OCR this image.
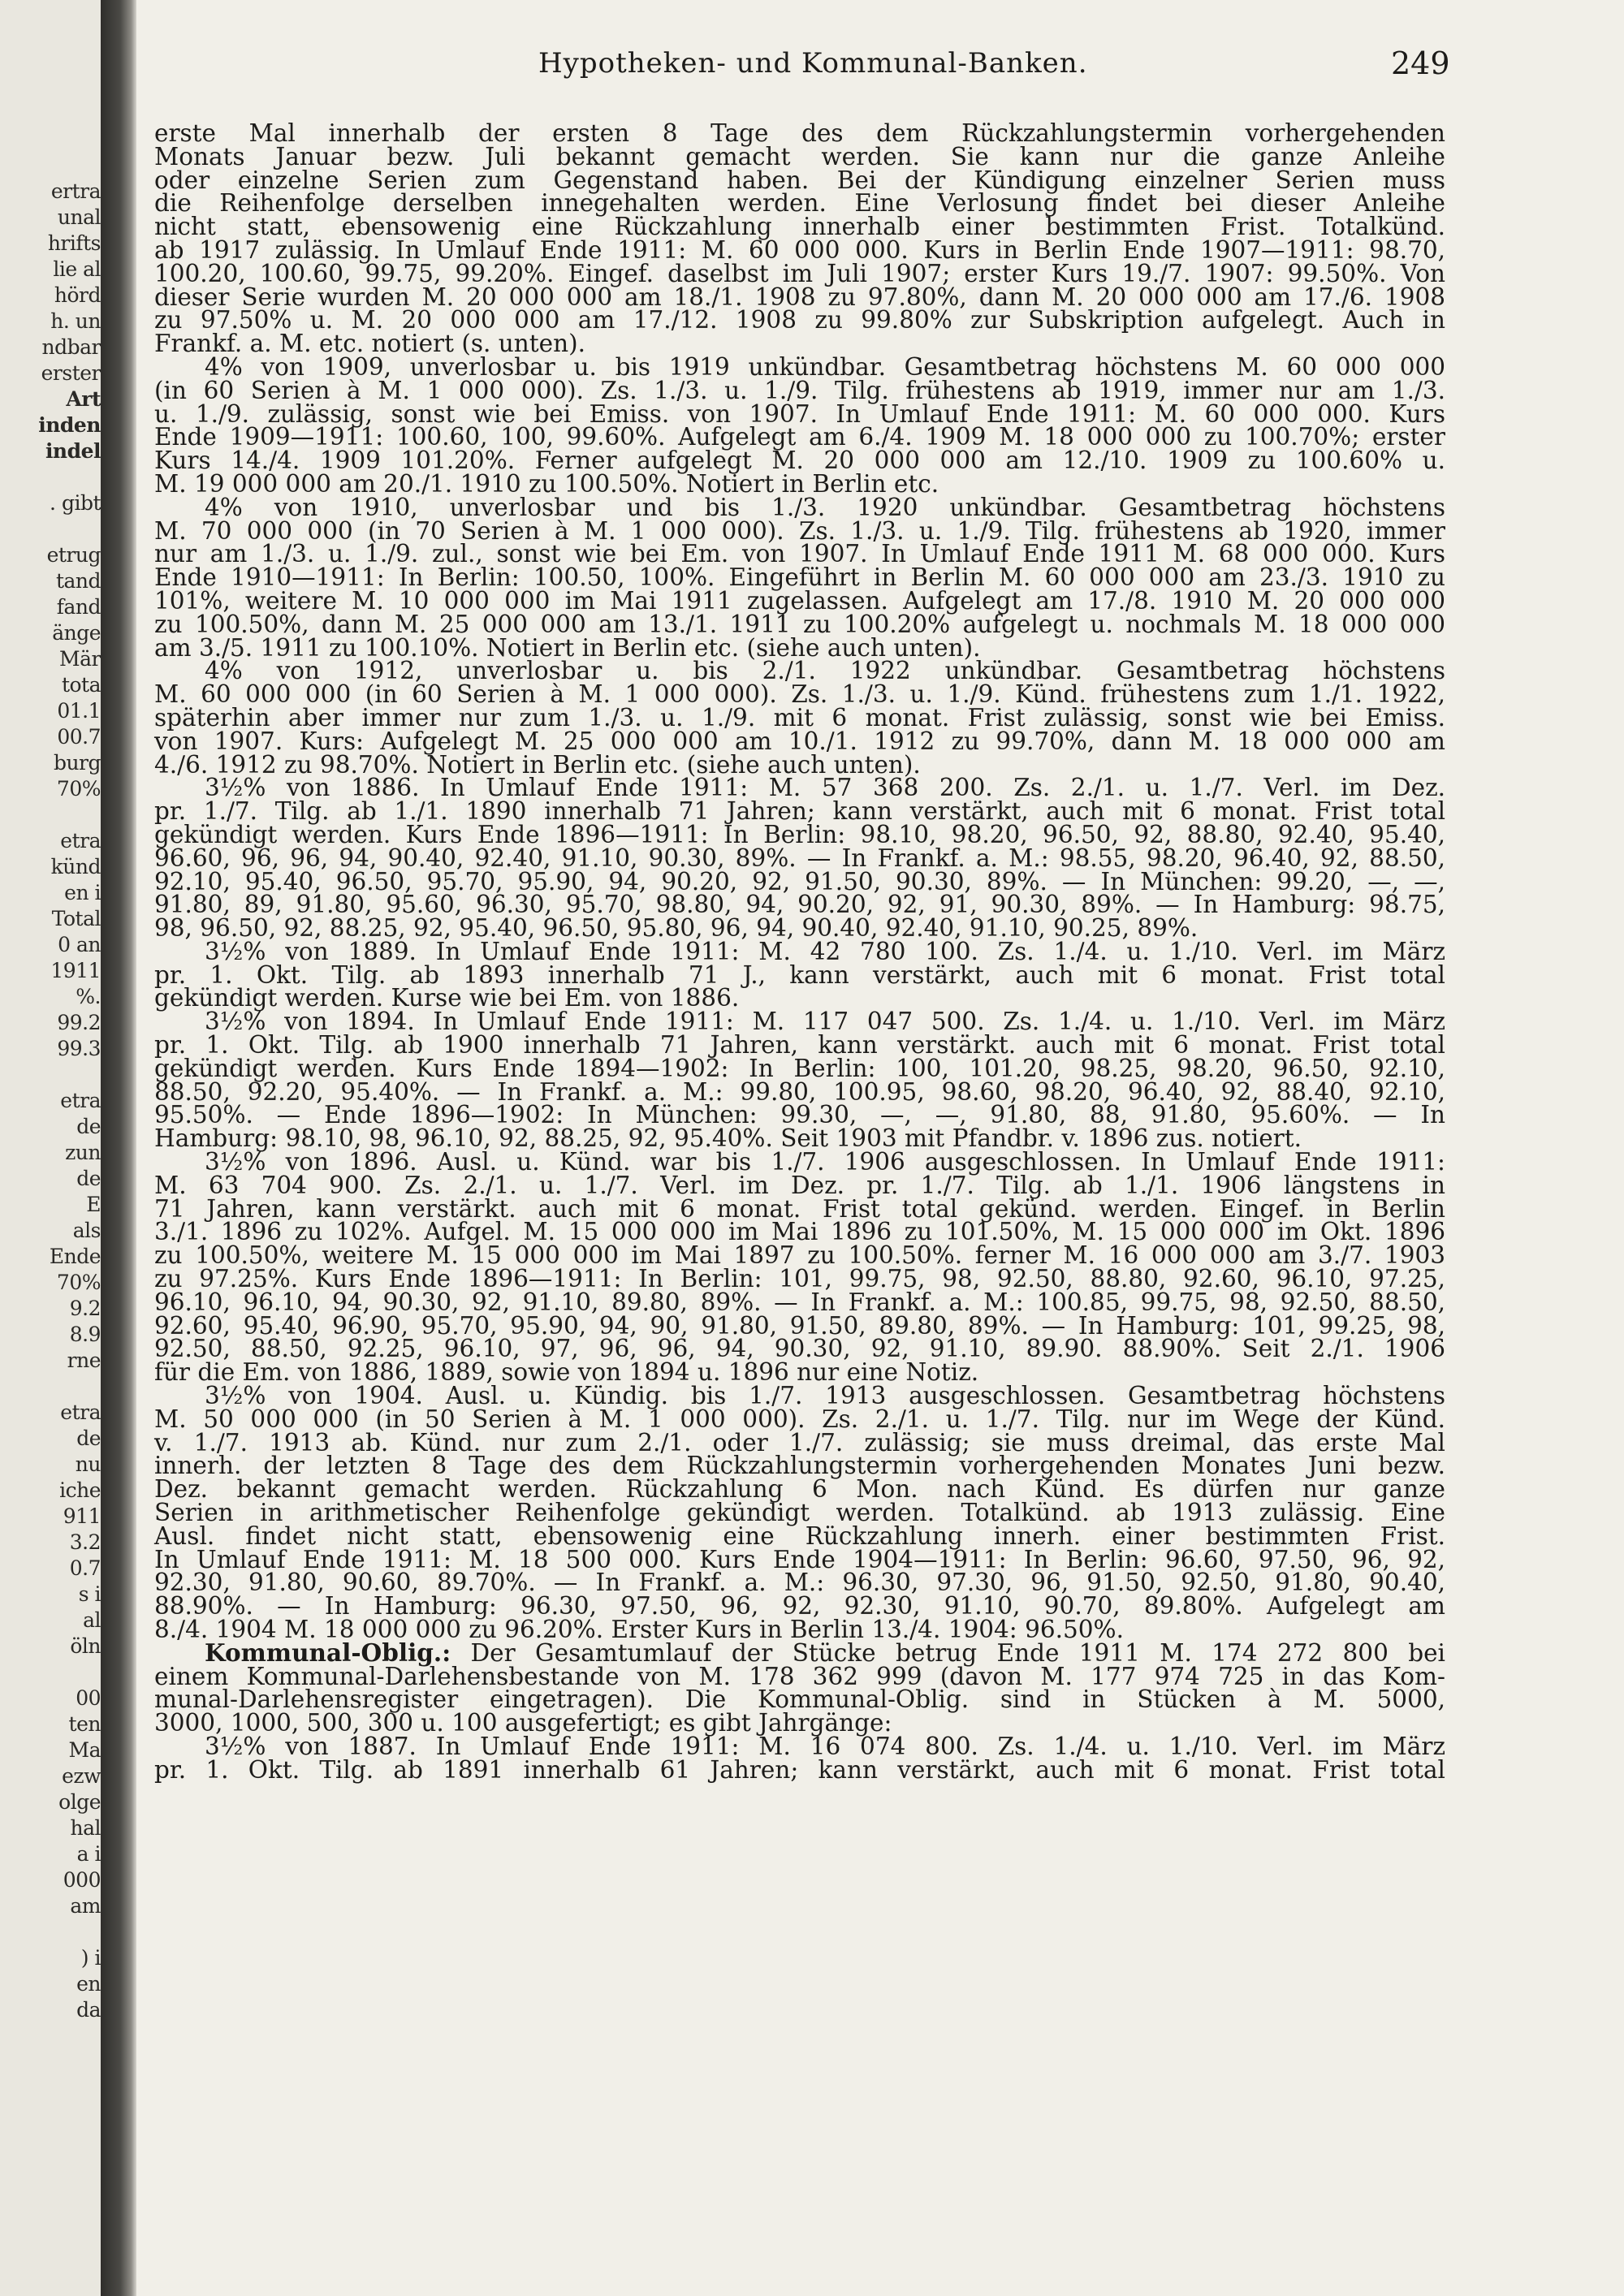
ertra
unal
hrifts
lie al
hörd
h. un
ndbar
erster
Art
inden
indel
. gibt
etrug
tand
fand
änge
Mär
tota
01.1
00.7
burg
70%
etra
künd
en i
Total
0 an
1911
%.
99.2
99.3
etra
de
zun
de
E
als
Ende
70%
9.2
8.9
rne
etra
de
nu
iche
911
3.2
0.7
s i
al
öln
00
ten
Ma
ezw
olge
hal
a i
000
am
) i
en
da
Hypotheken- und Kommunal-Banken.	249
erste Mal innerhalb der ersten 8 Tage des dem Rückzahlungstermin vorhergehenden
Monats Januar bezw. Juli bekannt gemacht werden. Sie kann nur die ganze Anleihe
oder einzelne Serien zum Gegenstand haben. Bei der Kündigung einzelner Serien muss
die Reihenfolge derselben innegehalten werden. Eine Verlosung findet bei dieser Anleihe
nicht statt, ebensowenig eine Rückzahlung innerhalb einer bestimmten Frist. Totalkünd.
ab 1917 zulässig. In Umlauf Ende 1911: M. 60 000 000. Kurs in Berlin Ende 1907—1911: 98.70,
100.20, 100.60, 99.75, 99.20%. Eingef. daselbst im Juli 1907; erster Kurs 19./7. 1907: 99.50%. Von
dieser Serie wurden M. 20 000 000 am 18./1. 1908 zu 97.80%, dann M. 20 000 000 am 17./6. 1908
zu 97.50% u. M. 20 000 000 am 17./12. 1908 zu 99.80% zur Subskription aufgelegt. Auch in
Frankf. a. M. etc. notiert (s. unten).
4% von 1909, unverlosbar u. bis 1919 unkündbar. Gesamtbetrag höchstens M. 60 000 000
(in 60 Serien à M. 1 000 000). Zs. 1./3. u. 1./9. Tilg. frühestens ab 1919, immer nur am 1./3.
u. 1./9. zulässig, sonst wie bei Emiss. von 1907. In Umlauf Ende 1911: M. 60 000 000. Kurs
Ende 1909—1911: 100.60, 100, 99.60%. Aufgelegt am 6./4. 1909 M. 18 000 000 zu 100.70%; erster
Kurs 14./4. 1909 101.20%. Ferner aufgelegt M. 20 000 000 am 12./10. 1909 zu 100.60% u.
M. 19 000 000 am 20./1. 1910 zu 100.50%. Notiert in Berlin etc.
4% von 1910, unverlosbar und bis 1./3. 1920 unkündbar. Gesamtbetrag höchstens
M. 70 000 000 (in 70 Serien à M. 1 000 000). Zs. 1./3. u. 1./9. Tilg. frühestens ab 1920, immer
nur am 1./3. u. 1./9. zul., sonst wie bei Em. von 1907. In Umlauf Ende 1911 M. 68 000 000. Kurs
Ende 1910—1911: In Berlin: 100.50, 100%. Eingeführt in Berlin M. 60 000 000 am 23./3. 1910 zu
101%, weitere M. 10 000 000 im Mai 1911 zugelassen. Aufgelegt am 17./8. 1910 M. 20 000 000
zu 100.50%, dann M. 25 000 000 am 13./1. 1911 zu 100.20% aufgelegt u. nochmals M. 18 000 000
am 3./5. 1911 zu 100.10%. Notiert in Berlin etc. (siehe auch unten).
4% von 1912, unverlosbar u. bis 2./1. 1922 unkündbar. Gesamtbetrag höchstens
M. 60 000 000 (in 60 Serien à M. 1 000 000). Zs. 1./3. u. 1./9. Künd. frühestens zum 1./1. 1922,
späterhin aber immer nur zum 1./3. u. 1./9. mit 6 monat. Frist zulässig, sonst wie bei Emiss.
von 1907. Kurs: Aufgelegt M. 25 000 000 am 10./1. 1912 zu 99.70%, dann M. 18 000 000 am
4./6. 1912 zu 98.70%. Notiert in Berlin etc. (siehe auch unten).
3½% von 1886. In Umlauf Ende 1911: M. 57 368 200. Zs. 2./1. u. 1./7. Verl. im Dez.
pr. 1./7. Tilg. ab 1./1. 1890 innerhalb 71 Jahren; kann verstärkt, auch mit 6 monat. Frist total
gekündigt werden. Kurs Ende 1896—1911: In Berlin: 98.10, 98.20, 96.50, 92, 88.80, 92.40, 95.40,
96.60, 96, 96, 94, 90.40, 92.40, 91.10, 90.30, 89%. — In Frankf. a. M.: 98.55, 98.20, 96.40, 92, 88.50,
92.10, 95.40, 96.50, 95.70, 95.90, 94, 90.20, 92, 91.50, 90.30, 89%. — In München: 99.20, —, —,
91.80, 89, 91.80, 95.60, 96.30, 95.70, 98.80, 94, 90.20, 92, 91, 90.30, 89%. — In Hamburg: 98.75,
98, 96.50, 92, 88.25, 92, 95.40, 96.50, 95.80, 96, 94, 90.40, 92.40, 91.10, 90.25, 89%.
3½% von 1889. In Umlauf Ende 1911: M. 42 780 100. Zs. 1./4. u. 1./10. Verl. im März
pr. 1. Okt. Tilg. ab 1893 innerhalb 71 J., kann verstärkt, auch mit 6 monat. Frist total
gekündigt werden. Kurse wie bei Em. von 1886.
3½% von 1894. In Umlauf Ende 1911: M. 117 047 500. Zs. 1./4. u. 1./10. Verl. im März
pr. 1. Okt. Tilg. ab 1900 innerhalb 71 Jahren, kann verstärkt. auch mit 6 monat. Frist total
gekündigt werden. Kurs Ende 1894—1902: In Berlin: 100, 101.20, 98.25, 98.20, 96.50, 92.10,
88.50, 92.20, 95.40%. — In Frankf. a. M.: 99.80, 100.95, 98.60, 98.20, 96.40, 92, 88.40, 92.10,
95.50%. — Ende 1896—1902: In München: 99.30, —, —, 91.80, 88, 91.80, 95.60%. — In
Hamburg: 98.10, 98, 96.10, 92, 88.25, 92, 95.40%. Seit 1903 mit Pfandbr. v. 1896 zus. notiert.
3½% von 1896. Ausl. u. Künd. war bis 1./7. 1906 ausgeschlossen. In Umlauf Ende 1911:
M. 63 704 900. Zs. 2./1. u. 1./7. Verl. im Dez. pr. 1./7. Tilg. ab 1./1. 1906 längstens in
71 Jahren, kann verstärkt. auch mit 6 monat. Frist total gekünd. werden. Eingef. in Berlin
3./1. 1896 zu 102%. Aufgel. M. 15 000 000 im Mai 1896 zu 101.50%, M. 15 000 000 im Okt. 1896
zu 100.50%, weitere M. 15 000 000 im Mai 1897 zu 100.50%. ferner M. 16 000 000 am 3./7. 1903
zu 97.25%. Kurs Ende 1896—1911: In Berlin: 101, 99.75, 98, 92.50, 88.80, 92.60, 96.10, 97.25,
96.10, 96.10, 94, 90.30, 92, 91.10, 89.80, 89%. — In Frankf. a. M.: 100.85, 99.75, 98, 92.50, 88.50,
92.60, 95.40, 96.90, 95.70, 95.90, 94, 90, 91.80, 91.50, 89.80, 89%. — In Hamburg: 101, 99.25, 98,
92.50, 88.50, 92.25, 96.10, 97, 96, 96, 94, 90.30, 92, 91.10, 89.90. 88.90%. Seit 2./1. 1906
für die Em. von 1886, 1889, sowie von 1894 u. 1896 nur eine Notiz.
3½% von 1904. Ausl. u. Kündig. bis 1./7. 1913 ausgeschlossen. Gesamtbetrag höchstens
M. 50 000 000 (in 50 Serien à M. 1 000 000). Zs. 2./1. u. 1./7. Tilg. nur im Wege der Künd.
v. 1./7. 1913 ab. Künd. nur zum 2./1. oder 1./7. zulässig; sie muss dreimal, das erste Mal
innerh. der letzten 8 Tage des dem Rückzahlungstermin vorhergehenden Monates Juni bezw.
Dez. bekannt gemacht werden. Rückzahlung 6 Mon. nach Künd. Es dürfen nur ganze
Serien in arithmetischer Reihenfolge gekündigt werden. Totalkünd. ab 1913 zulässig. Eine
Ausl. findet nicht statt, ebensowenig eine Rückzahlung innerh. einer bestimmten Frist.
In Umlauf Ende 1911: M. 18 500 000. Kurs Ende 1904—1911: In Berlin: 96.60, 97.50, 96, 92,
92.30, 91.80, 90.60, 89.70%. — In Frankf. a. M.: 96.30, 97.30, 96, 91.50, 92.50, 91.80, 90.40,
88.90%. — In Hamburg: 96.30, 97.50, 96, 92, 92.30, 91.10, 90.70, 89.80%. Aufgelegt am
8./4. 1904 M. 18 000 000 zu 96.20%. Erster Kurs in Berlin 13./4. 1904: 96.50%.
Kommunal-Oblig.: Der Gesamtumlauf der Stücke betrug Ende 1911 M. 174 272 800 bei
einem Kommunal-Darlehensbestande von M. 178 362 999 (davon M. 177 974 725 in das Kom-
munal-Darlehensregister eingetragen). Die Kommunal-Oblig. sind in Stücken à M. 5000,
3000, 1000, 500, 300 u. 100 ausgefertigt; es gibt Jahrgänge:
3½% von 1887. In Umlauf Ende 1911: M. 16 074 800. Zs. 1./4. u. 1./10. Verl. im März
pr. 1. Okt. Tilg. ab 1891 innerhalb 61 Jahren; kann verstärkt, auch mit 6 monat. Frist total
